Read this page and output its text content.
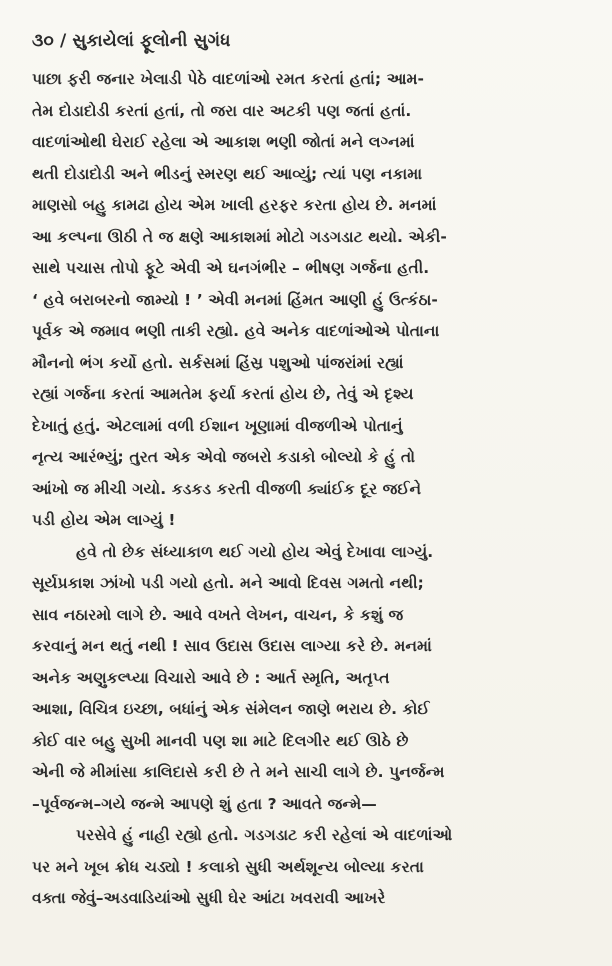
૩૦ / સુકાયેલાં ફૂલોની સુગંધ
પાછા ફરી જનાર ખેલાડી પેઠે વાદળાંઓ રમત કરતાં હતાં; આમ-
તેમ દોડાદોડી કરતાં હતાં, તો જરા વાર અટકી પણ જતાં હતાં.
વાદળાંઓથી ઘેરાઈ રહેલા એ આકાશ ભણી જોતાં મને લગ્નમાં
થતી દોડાદોડી અને ભીડનું સ્મરણ થઈ આવ્યું; ત્યાં પણ નકામા
માણસો બહુ કામઢા હોય એમ ખાલી હરફર કરતા હોય છે. મનમાં
આ કલ્પના ઊઠી તે જ ક્ષણે આકાશમાં મોટો ગડગડાટ થયો. એકી-
સાથે પચાસ તોપો ફૂટે એવી એ ઘનગંભીર – ભીષણ ગર્જના હતી.
‘ હવે બરાબરનો જામ્યો ! ’ એવી મનમાં હિંમત આણી હું ઉત્કંઠા-
પૂર્વક એ જમાવ ભણી તાકી રહ્યો. હવે અનેક વાદળાંઓએ પોતાના
મૌનનો ભંગ કર્યો હતો. સર્કસમાં હિંસ્ર પશુઓ પાંજરાંમાં રહ્યાં
રહ્યાં ગર્જના કરતાં આમતેમ ફર્યા કરતાં હોય છે, તેવું એ દૃશ્ય
દેખાતું હતું. એટલામાં વળી ઈશાન ખૂણામાં વીજળીએ પોતાનું
નૃત્ય આરંભ્યું; તુરત એક એવો જબરો કડાકો બોલ્યો કે હું તો
આંખો જ મીચી ગયો. કડકડ કરતી વીજળી ક્યાંઈક દૂર જઈને
પડી હોય એમ લાગ્યું !
હવે તો છેક સંધ્યાકાળ થઈ ગયો હોય એવું દેખાવા લાગ્યું.
સૂર્યપ્રકાશ ઝાંખો પડી ગયો હતો. મને આવો દિવસ ગમતો નથી;
સાવ નઠારમો લાગે છે. આવે વખતે લેખન, વાચન, કે કશું જ
કરવાનું મન થતું નથી ! સાવ ઉદાસ ઉદાસ લાગ્યા કરે છે. મનમાં
અનેક અણુકલ્પ્યા વિચારો આવે છે : આર્ત સ્મૃતિ, અતૃપ્ત
આશા, વિચિત્ર ઇચ્છા, બધાંનું એક સંમેલન જાણે ભરાય છે. કોઈ
કોઈ વાર બહુ સુખી માનવી પણ શા માટે દિલગીર થઈ ઊઠે છે
એની જે મીમાંસા કાલિદાસે કરી છે તે મને સાચી લાગે છે. પુનર્જન્મ
–પૂર્વજન્મ–ગયે જન્મે આપણે શું હતા ? આવતે જન્મે—
પરસેવે હું નાહી રહ્યો હતો. ગડગડાટ કરી રહેલાં એ વાદળાંઓ
પર મને ખૂબ ક્રોધ ચડ્યો ! કલાકો સુધી અર્થશૂન્ય બોલ્યા કરતા
વક્તા જેવું–અડવાડિયાંઓ સુધી ઘેર આંટા ખવરાવી આખરે
